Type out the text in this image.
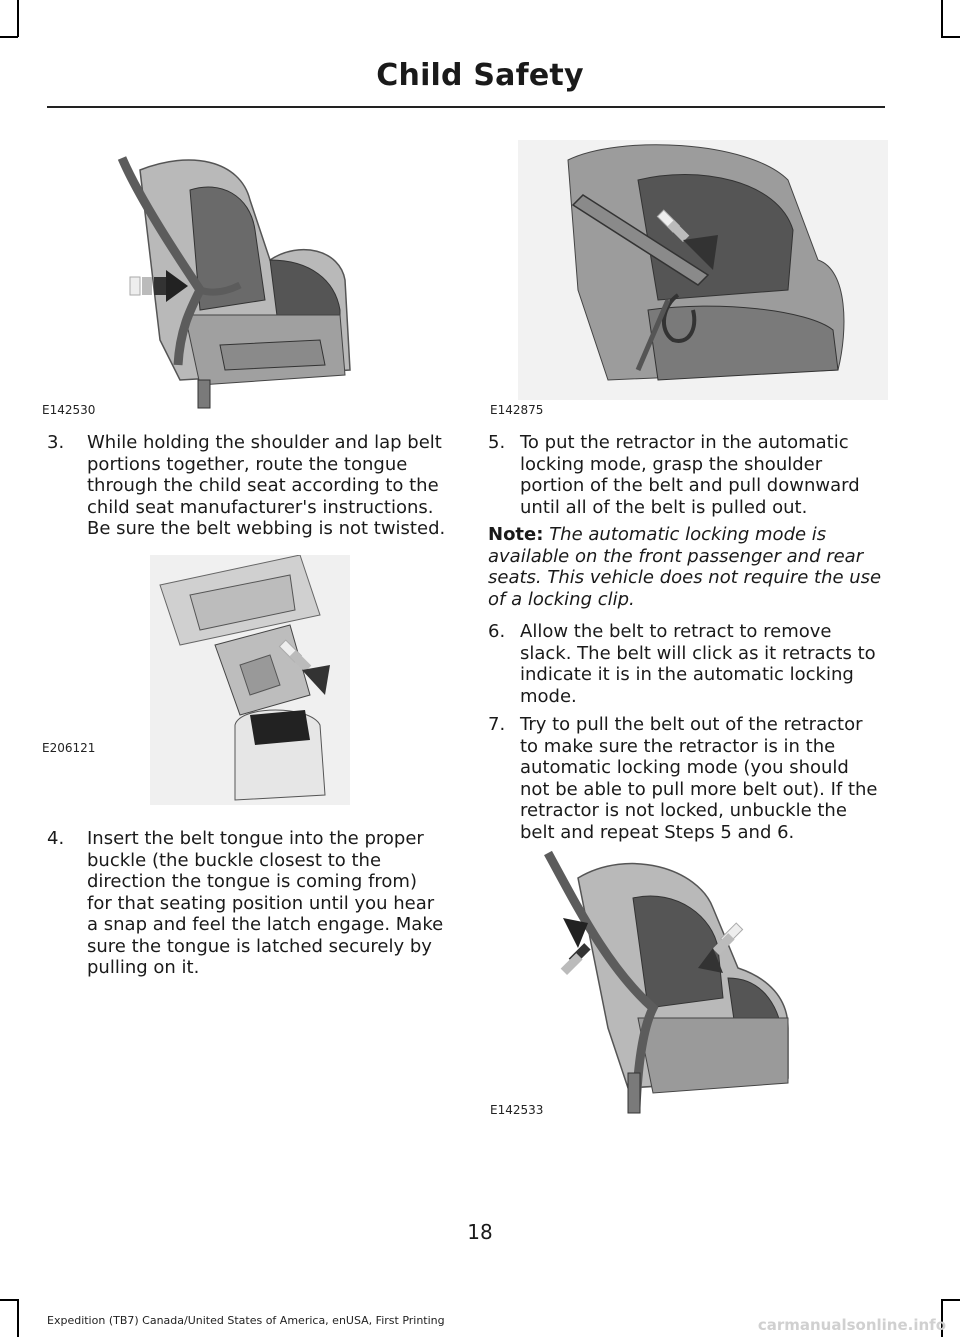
Child Safety
E142530	E142875
3. While holding the shoulder and lap belt portions together, route the tongue through the child seat according to the child seat manufacturer's instructions. Be sure the belt webbing is not twisted.
E206121
4. Insert the belt tongue into the proper buckle (the buckle closest to the direction the tongue is coming from) for that seating position until you hear a snap and feel the latch engage. Make sure the tongue is latched securely by pulling on it.
5. To put the retractor in the automatic locking mode, grasp the shoulder portion of the belt and pull downward until all of the belt is pulled out.
Note: The automatic locking mode is available on the front passenger and rear seats. This vehicle does not require the use of a locking clip.
6. Allow the belt to retract to remove slack. The belt will click as it retracts to indicate it is in the automatic locking mode.
7. Try to pull the belt out of the retractor to make sure the retractor is in the automatic locking mode (you should not be able to pull more belt out). If the retractor is not locked, unbuckle the belt and repeat Steps 5 and 6.
E142533
18
Expedition (TB7) Canada/United States of America, enUSA, First Printing	carmanualsonline.info
